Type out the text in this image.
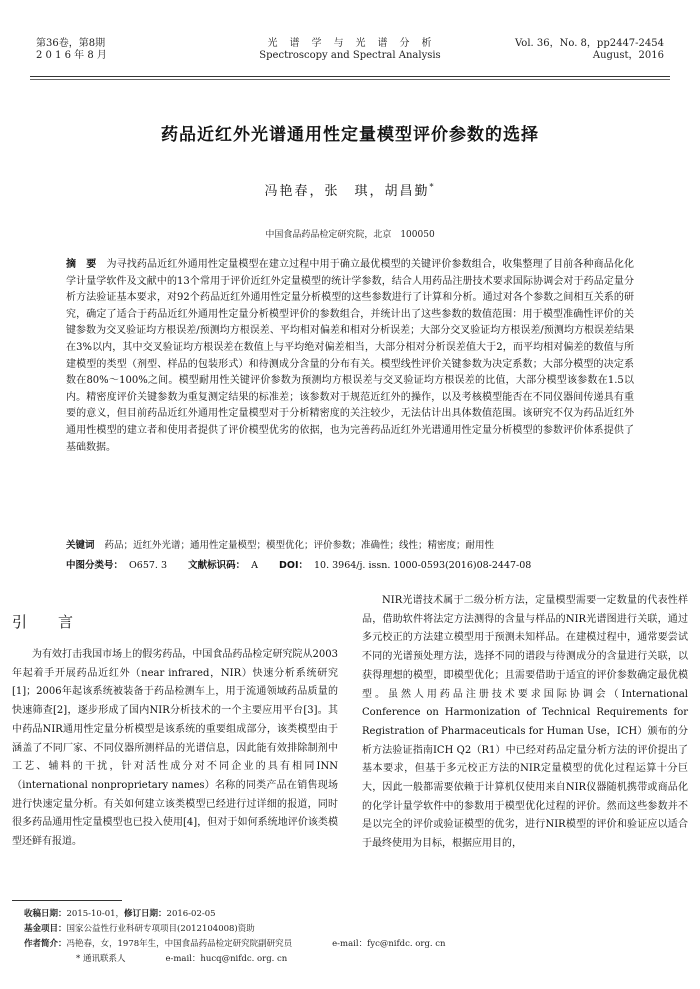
第36卷，第8期
2 0 1 6 年 8 月
光　谱　学　与　光　谱　分　析
Spectroscopy and Spectral Analysis
Vol. 36，No. 8，pp2447-2454
August，2016
药品近红外光谱通用性定量模型评价参数的选择
冯艳春，张　琪，胡昌勤*
中国食品药品检定研究院，北京　100050
摘　要 为寻找药品近红外通用性定量模型在建立过程中用于确立最优模型的关键评价参数组合，收集整理了目前各种商品化化学计量学软件及文献中的13个常用于评价近红外定量模型的统计学参数，结合人用药品注册技术要求国际协调会对于药品定量分析方法验证基本要求，对92个药品近红外通用性定量分析模型的这些参数进行了计算和分析。通过对各个参数之间相互关系的研究，确定了适合于药品近红外通用性定量分析模型评价的参数组合，并统计出了这些参数的数值范围：用于模型准确性评价的关键参数为交叉验证均方根误差/预测均方根误差、平均相对偏差和相对分析误差；大部分交叉验证均方根误差/预测均方根误差结果在3%以内，其中交叉验证均方根误差在数值上与平均绝对偏差相当，大部分相对分析误差值大于2，而平均相对偏差的数值与所建模型的类型（剂型、样品的包装形式）和待测成分含量的分布有关。模型线性评价关键参数为决定系数；大部分模型的决定系数在80%～100%之间。模型耐用性关键评价参数为预测均方根误差与交叉验证均方根误差的比值，大部分模型该参数在1.5以内。精密度评价关键参数为重复测定结果的标准差；该参数对于规范近红外的操作，以及考核模型能否在不同仪器间传递具有重要的意义，但目前药品近红外通用性定量模型对于分析精密度的关注较少，无法估计出具体数值范围。该研究不仅为药品近红外通用性模型的建立者和使用者提供了评价模型优劣的依据，也为完善药品近红外光谱通用性定量分析模型的参数评价体系提供了基础数据。
关键词 药品；近红外光谱；通用性定量模型；模型优化；评价参数；准确性；线性；精密度；耐用性
中图分类号： O657. 3 文献标识码： A DOI： 10. 3964/j. issn. 1000-0593(2016)08-2447-08
引　言

为有效打击我国市场上的假劣药品，中国食品药品检定研究院从2003年起着手开展药品近红外（near infrared，NIR）快速分析系统研究[1]；2006年起该系统被装备于药品检测车上，用于流通领域药品质量的快速筛查[2]，逐步形成了国内NIR分析技术的一个主要应用平台[3]。其中药品NIR通用性定量分析模型是该系统的重要组成部分，该类模型由于涵盖了不同厂家、不同仪器所测样品的光谱信息，因此能有效排除制剂中工艺、辅料的干扰，针对活性成分对不同企业的具有相同INN（international nonproprietary names）名称的同类产品在销售现场进行快速定量分析。有关如何建立该类模型已经进行过详细的报道，同时很多药品通用性定量模型也已投入使用[4]，但对于如何系统地评价该类模型还鲜有报道。

NIR光谱技术属于二级分析方法，定量模型需要一定数量的代表性样品，借助软件将法定方法测得的含量与样品的NIR光谱图进行关联，通过多元校正的方法建立模型用于预测未知样品。在建模过程中，通常要尝试不同的光谱预处理方法，选择不同的谱段与待测成分的含量进行关联，以获得理想的模型，即模型优化；且需要借助于适宜的评价参数确定最优模型。虽然人用药品注册技术要求国际协调会（International Conference on Harmonization of Technical Requirements for Registration of Pharmaceuticals for Human Use，ICH）颁布的分析方法验证指南ICH Q2（R1）中已经对药品定量分析方法的评价提出了基本要求，但基于多元校正方法的NIR定量模型的优化过程运算十分巨大，因此一般都需要依赖于计算机仅使用来自NIR仪器随机携带或商品化的化学计量学软件中的参数用于模型优化过程的评价。然而这些参数并不是以完全的评价或验证模型的优劣，进行NIR模型的评价和验证应以适合于最终使用为目标，根据应用目的，

收稿日期：2015-10-01，修订日期：2016-02-05
基金项目：国家公益性行业科研专项项目(2012104008)资助
作者简介：冯艳春，女，1978年生，中国食品药品检定研究院副研究员	e-mail：fyc@nifdc. org. cn
* 通讯联系人	e-mail：hucq@nifdc. org. cn
